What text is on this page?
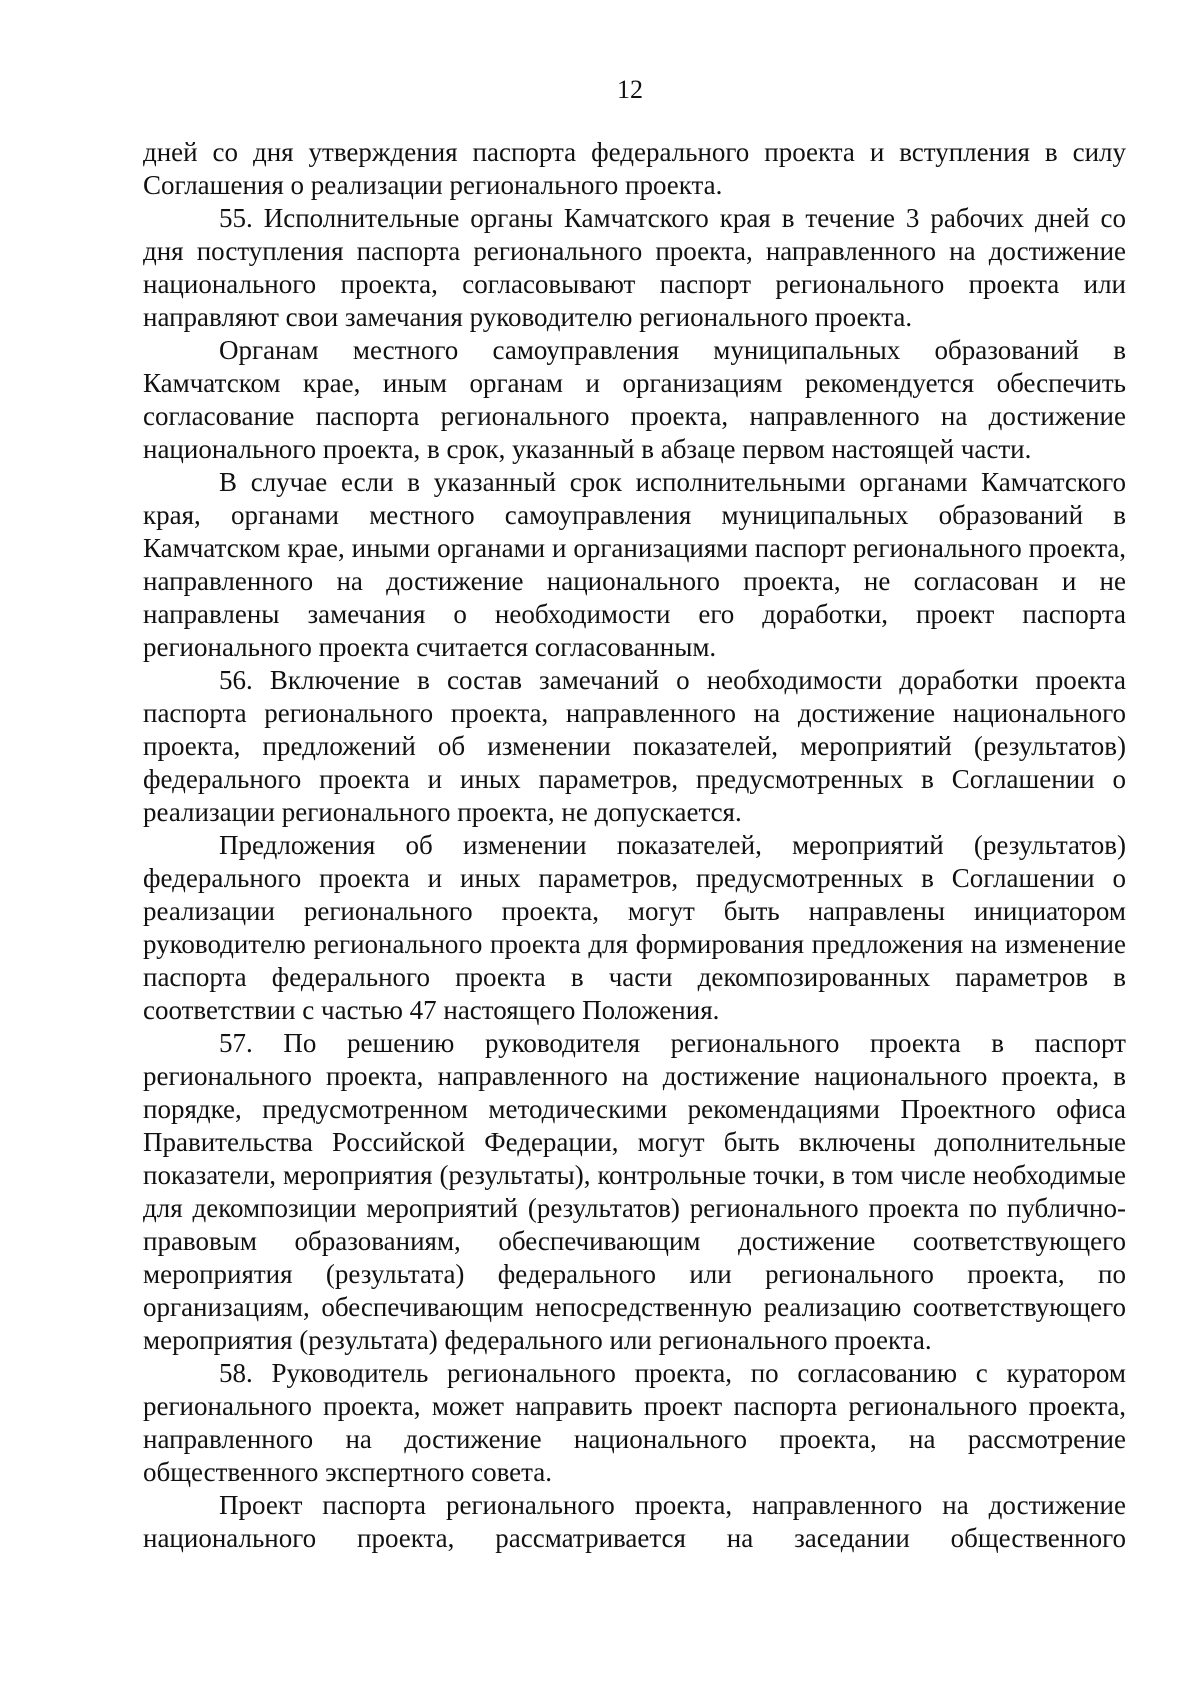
12

дней со дня утверждения паспорта федерального проекта и вступления в силу Соглашения о реализации регионального проекта.

55. Исполнительные органы Камчатского края в течение 3 рабочих дней со дня поступления паспорта регионального проекта, направленного на достижение национального проекта, согласовывают паспорт регионального проекта или направляют свои замечания руководителю регионального проекта.

Органам местного самоуправления муниципальных образований в Камчатском крае, иным органам и организациям рекомендуется обеспечить согласование паспорта регионального проекта, направленного на достижение национального проекта, в срок, указанный в абзаце первом настоящей части.

В случае если в указанный срок исполнительными органами Камчатского края, органами местного самоуправления муниципальных образований в Камчатском крае, иными органами и организациями паспорт регионального проекта, направленного на достижение национального проекта, не согласован и не направлены замечания о необходимости его доработки, проект паспорта регионального проекта считается согласованным.

56. Включение в состав замечаний о необходимости доработки проекта паспорта регионального проекта, направленного на достижение национального проекта, предложений об изменении показателей, мероприятий (результатов) федерального проекта и иных параметров, предусмотренных в Соглашении о реализации регионального проекта, не допускается.

Предложения об изменении показателей, мероприятий (результатов) федерального проекта и иных параметров, предусмотренных в Соглашении о реализации регионального проекта, могут быть направлены инициатором руководителю регионального проекта для формирования предложения на изменение паспорта федерального проекта в части декомпозированных параметров в соответствии с частью 47 настоящего Положения.

57. По решению руководителя регионального проекта в паспорт регионального проекта, направленного на достижение национального проекта, в порядке, предусмотренном методическими рекомендациями Проектного офиса Правительства Российской Федерации, могут быть включены дополнительные показатели, мероприятия (результаты), контрольные точки, в том числе необходимые для декомпозиции мероприятий (результатов) регионального проекта по публично-правовым образованиям, обеспечивающим достижение соответствующего мероприятия (результата) федерального или регионального проекта, по организациям, обеспечивающим непосредственную реализацию соответствующего мероприятия (результата) федерального или регионального проекта.

58. Руководитель регионального проекта, по согласованию с куратором регионального проекта, может направить проект паспорта регионального проекта, направленного на достижение национального проекта, на рассмотрение общественного экспертного совета.

Проект паспорта регионального проекта, направленного на достижение национального проекта, рассматривается на заседании общественного
